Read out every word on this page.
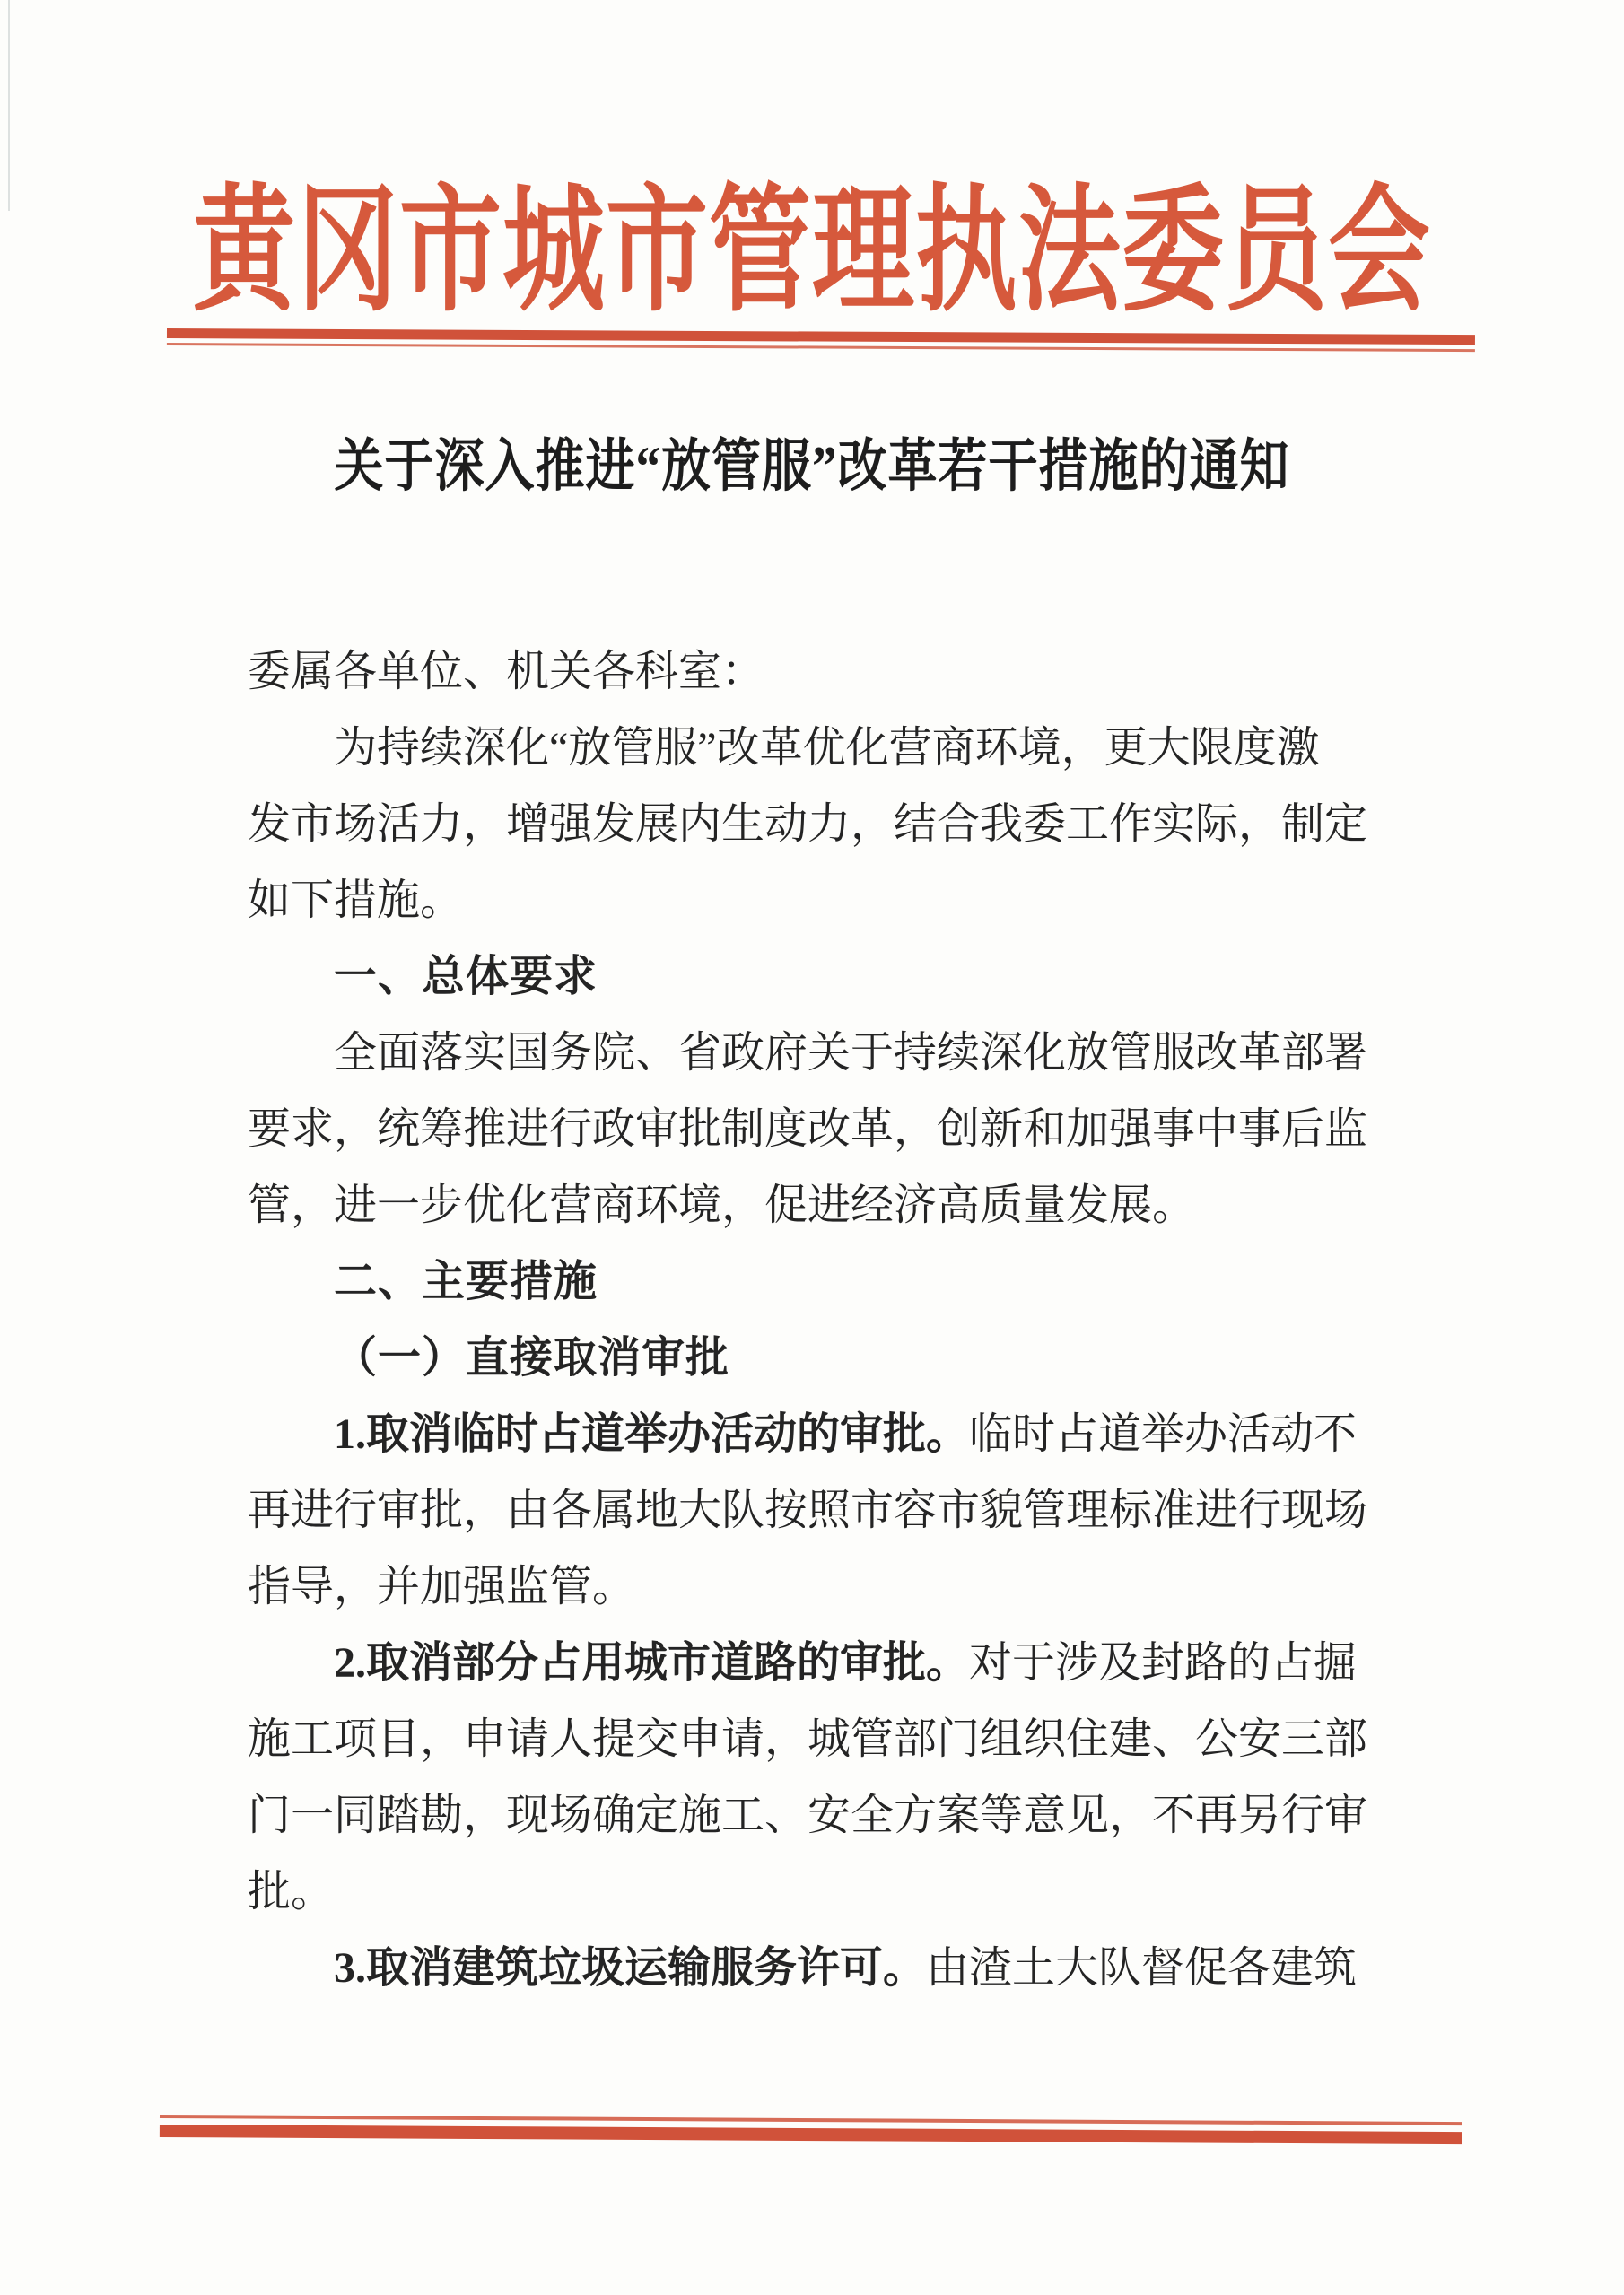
黄冈市城市管理执法委员会
关于深入推进“放管服”改革若干措施的通知
委属各单位、机关各科室：
为持续深化“放管服”改革优化营商环境，更大限度激
发市场活力，增强发展内生动力，结合我委工作实际，制定
如下措施。
一、总体要求
全面落实国务院、省政府关于持续深化放管服改革部署
要求，统筹推进行政审批制度改革，创新和加强事中事后监
管，进一步优化营商环境，促进经济高质量发展。
二、主要措施
（一）直接取消审批
1.取消临时占道举办活动的审批。临时占道举办活动不
再进行审批，由各属地大队按照市容市貌管理标准进行现场
指导，并加强监管。
2.取消部分占用城市道路的审批。对于涉及封路的占掘
施工项目，申请人提交申请，城管部门组织住建、公安三部
门一同踏勘，现场确定施工、安全方案等意见，不再另行审
批。
3.取消建筑垃圾运输服务许可。由渣土大队督促各建筑
